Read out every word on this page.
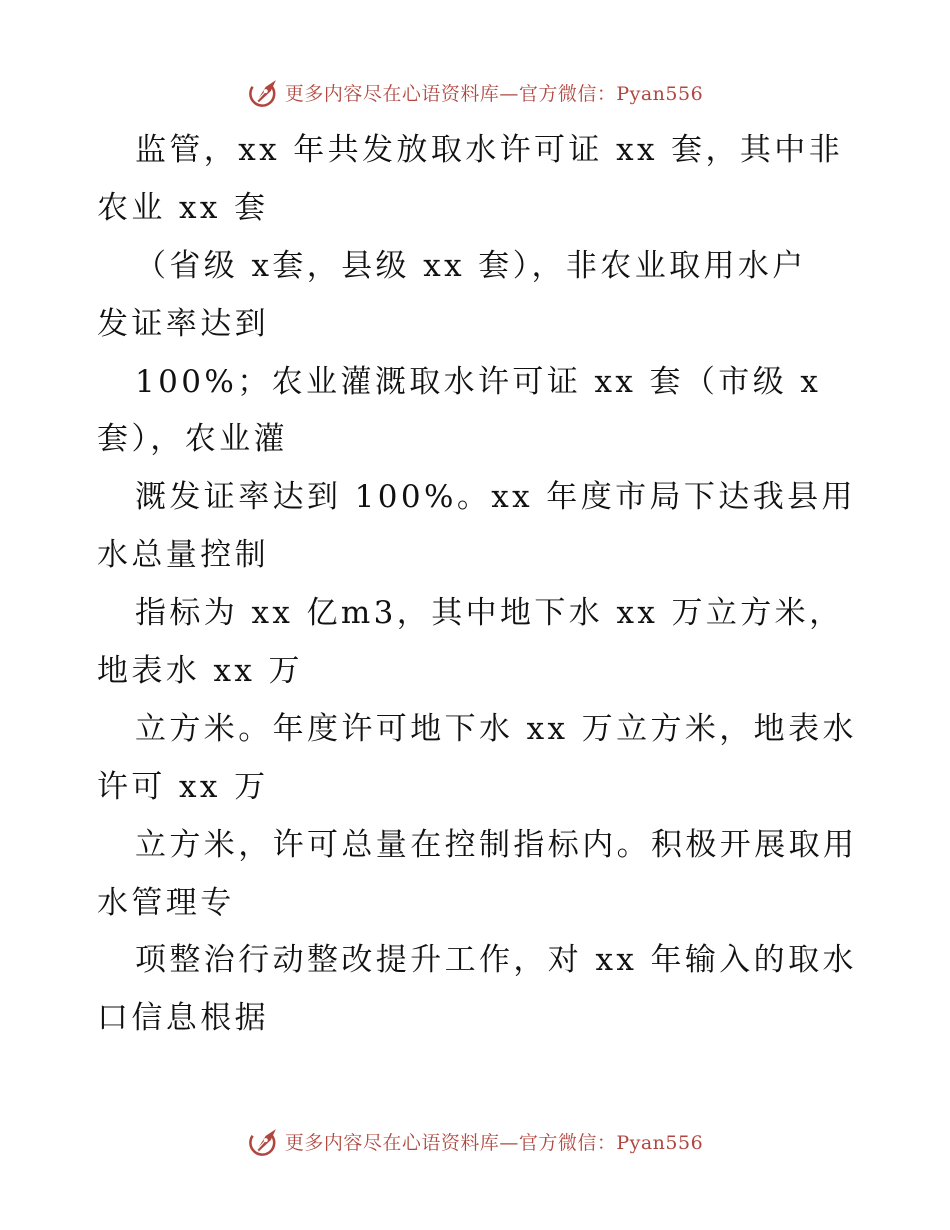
更多内容尽在心语资料库—官方微信：Pyan556
监管，xx 年共发放取水许可证 xx 套，其中非
农业 xx 套
（省级 x套，县级 xx 套），非农业取用水户
发证率达到
100%；农业灌溉取水许可证 xx 套（市级 x
套），农业灌
溉发证率达到 100%。xx 年度市局下达我县用
水总量控制
指标为 xx 亿m3，其中地下水 xx 万立方米，
地表水 xx 万
立方米。年度许可地下水 xx 万立方米，地表水
许可 xx 万
立方米，许可总量在控制指标内。积极开展取用
水管理专
项整治行动整改提升工作，对 xx 年输入的取水
口信息根据
更多内容尽在心语资料库—官方微信：Pyan556
